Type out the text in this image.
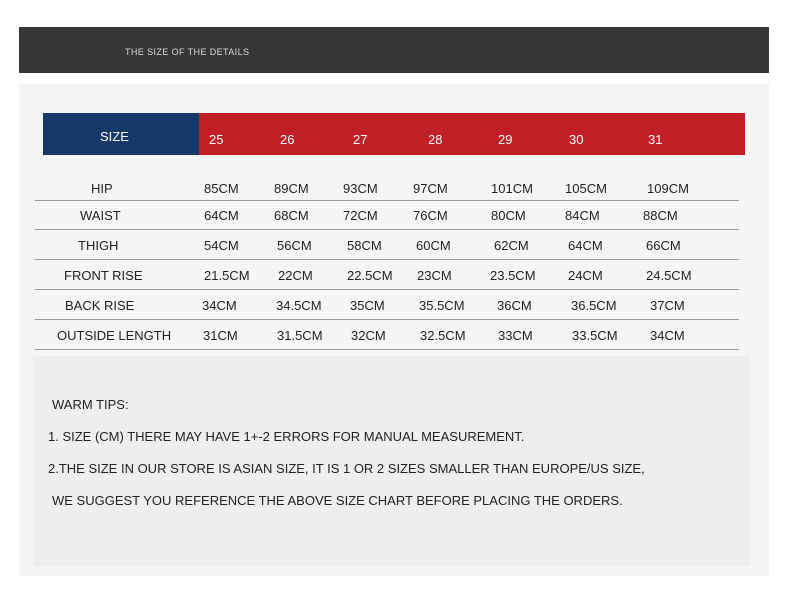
THE SIZE OF THE DETAILS
SIZE	25	26	27	28	29	30	31
HIP	85CM	89CM	93CM	97CM	101CM 105CM	109CM
WAIST	64CM	68CM	72CM	76CM	80CM	84CM	88CM
THIGH	54CM	56CM	58CM	60CM	62CM	64CM	66CM
FRONT RISE	21.5CM 22CM	22.5CM 23CM	23.5CM 24CM	24.5CM
BACK RISE	34CM	34.5CM 35CM	35.5CM 36CM	36.5CM	37CM
OUTSIDE LENGTH 31CM	31.5CM 32CM	32.5CM 33CM	33.5CM 34CM
WARM TIPS:
1. SIZE (CM) THERE MAY HAVE 1+-2 ERRORS FOR MANUAL MEASUREMENT.
2.THE SIZE IN OUR STORE IS ASIAN SIZE, IT IS 1 OR 2 SIZES SMALLER THAN EUROPE/US SIZE,
WE SUGGEST YOU REFERENCE THE ABOVE SIZE CHART BEFORE PLACING THE ORDERS.
